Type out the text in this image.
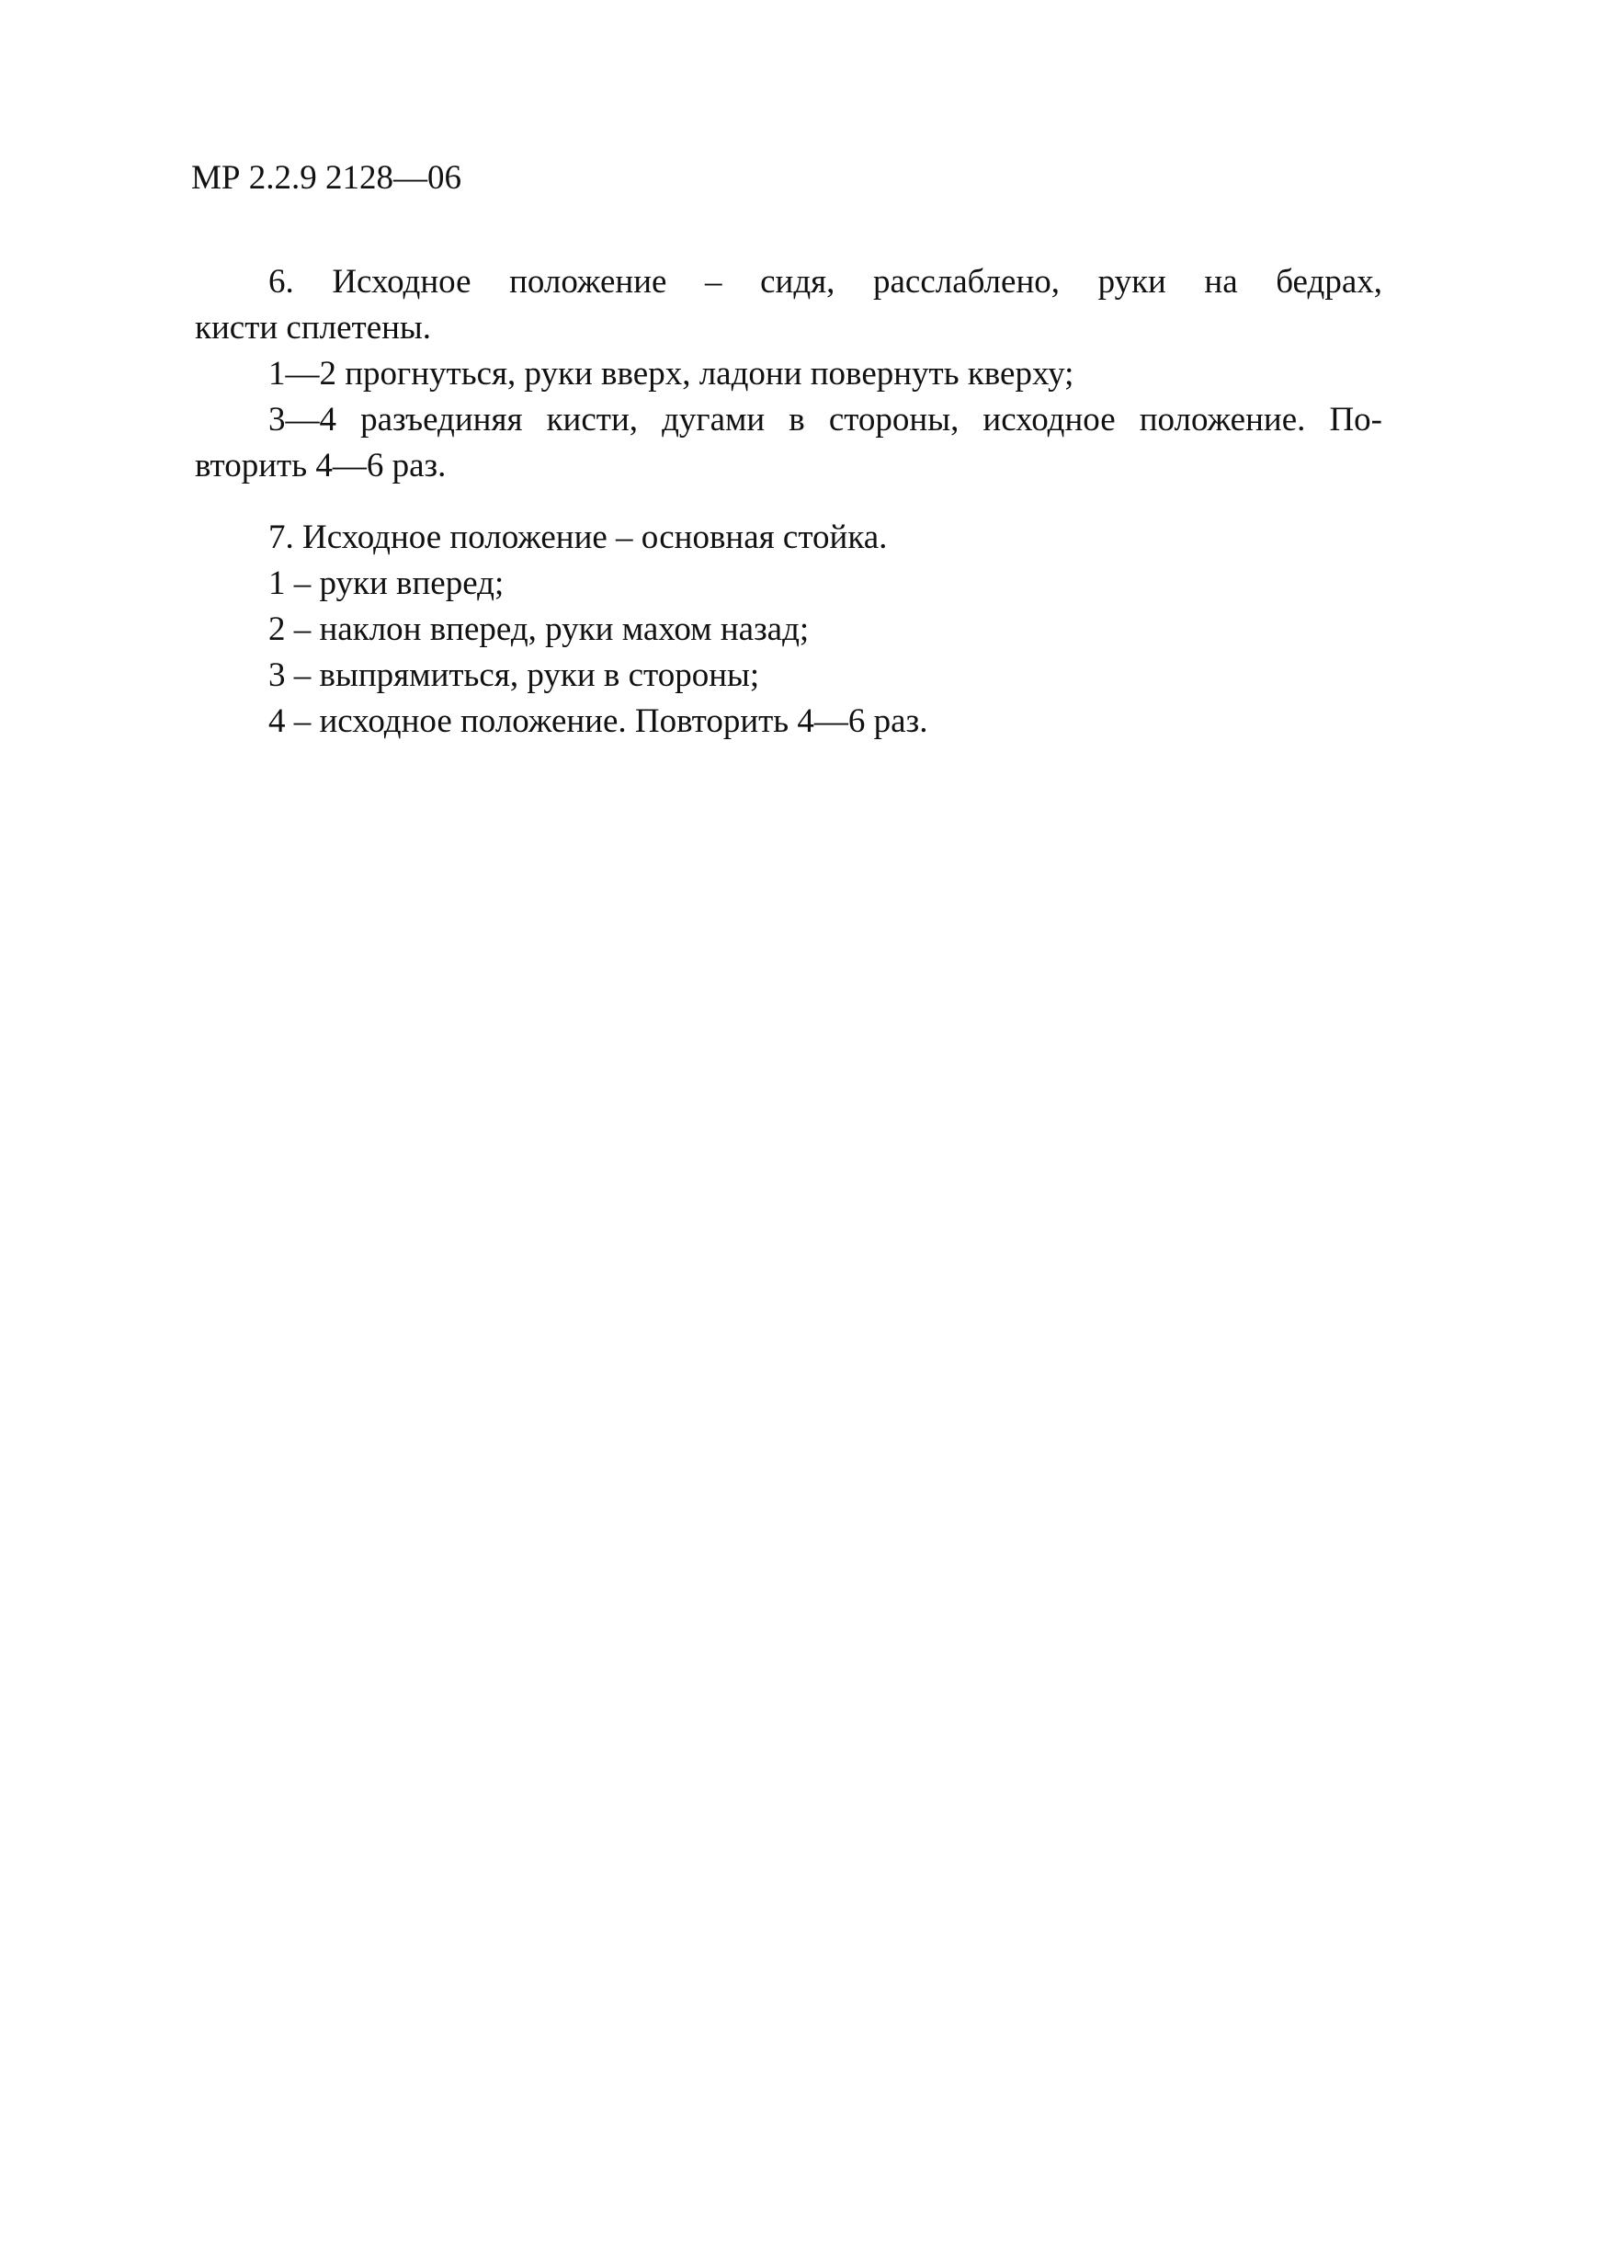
МР 2.2.9 2128—06
6. Исходное положение – сидя, расслаблено, руки на бедрах,
кисти сплетены.
1—2 прогнуться, руки вверх, ладони повернуть кверху;
3—4 разъединяя кисти, дугами в стороны, исходное положение. По-
вторить 4—6 раз.
7. Исходное положение – основная стойка.
1 – руки вперед;
2 – наклон вперед, руки махом назад;
3 – выпрямиться, руки в стороны;
4 – исходное положение. Повторить 4—6 раз.
